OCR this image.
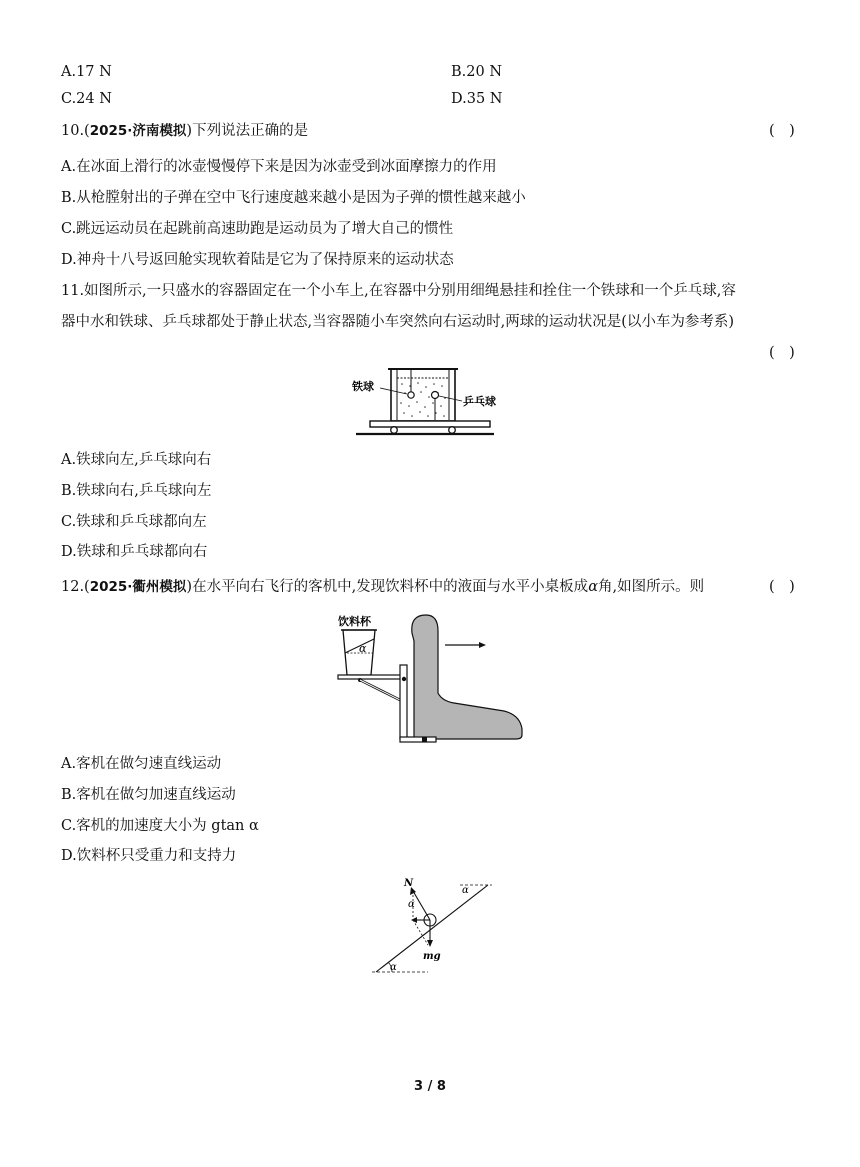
A.17 N	B.20 N
C.24 N	D.35 N
10.(2025·济南模拟)下列说法正确的是	(　)
A.在冰面上滑行的冰壶慢慢停下来是因为冰壶受到冰面摩擦力的作用
B.从枪膛射出的子弹在空中飞行速度越来越小是因为子弹的惯性越来越小
C.跳远运动员在起跳前高速助跑是运动员为了增大自己的惯性
D.神舟十八号返回舱实现软着陆是它为了保持原来的运动状态
11.如图所示,一只盛水的容器固定在一个小车上,在容器中分别用细绳悬挂和拴住一个铁球和一个乒乓球,容
器中水和铁球、乒乓球都处于静止状态,当容器随小车突然向右运动时,两球的运动状况是(以小车为参考系)
(　)
铁球
乒乓球
A.铁球向左,乒乓球向右
B.铁球向右,乒乓球向左
C.铁球和乒乓球都向左
D.铁球和乒乓球都向右
12.(2025·衢州模拟)在水平向右飞行的客机中,发现饮料杯中的液面与水平小桌板成α角,如图所示。则	(　)
饮料杯
α
A.客机在做匀速直线运动
B.客机在做匀加速直线运动
C.客机的加速度大小为 gtan α
D.饮料杯只受重力和支持力
α
α
N
α
mg
3 / 8
